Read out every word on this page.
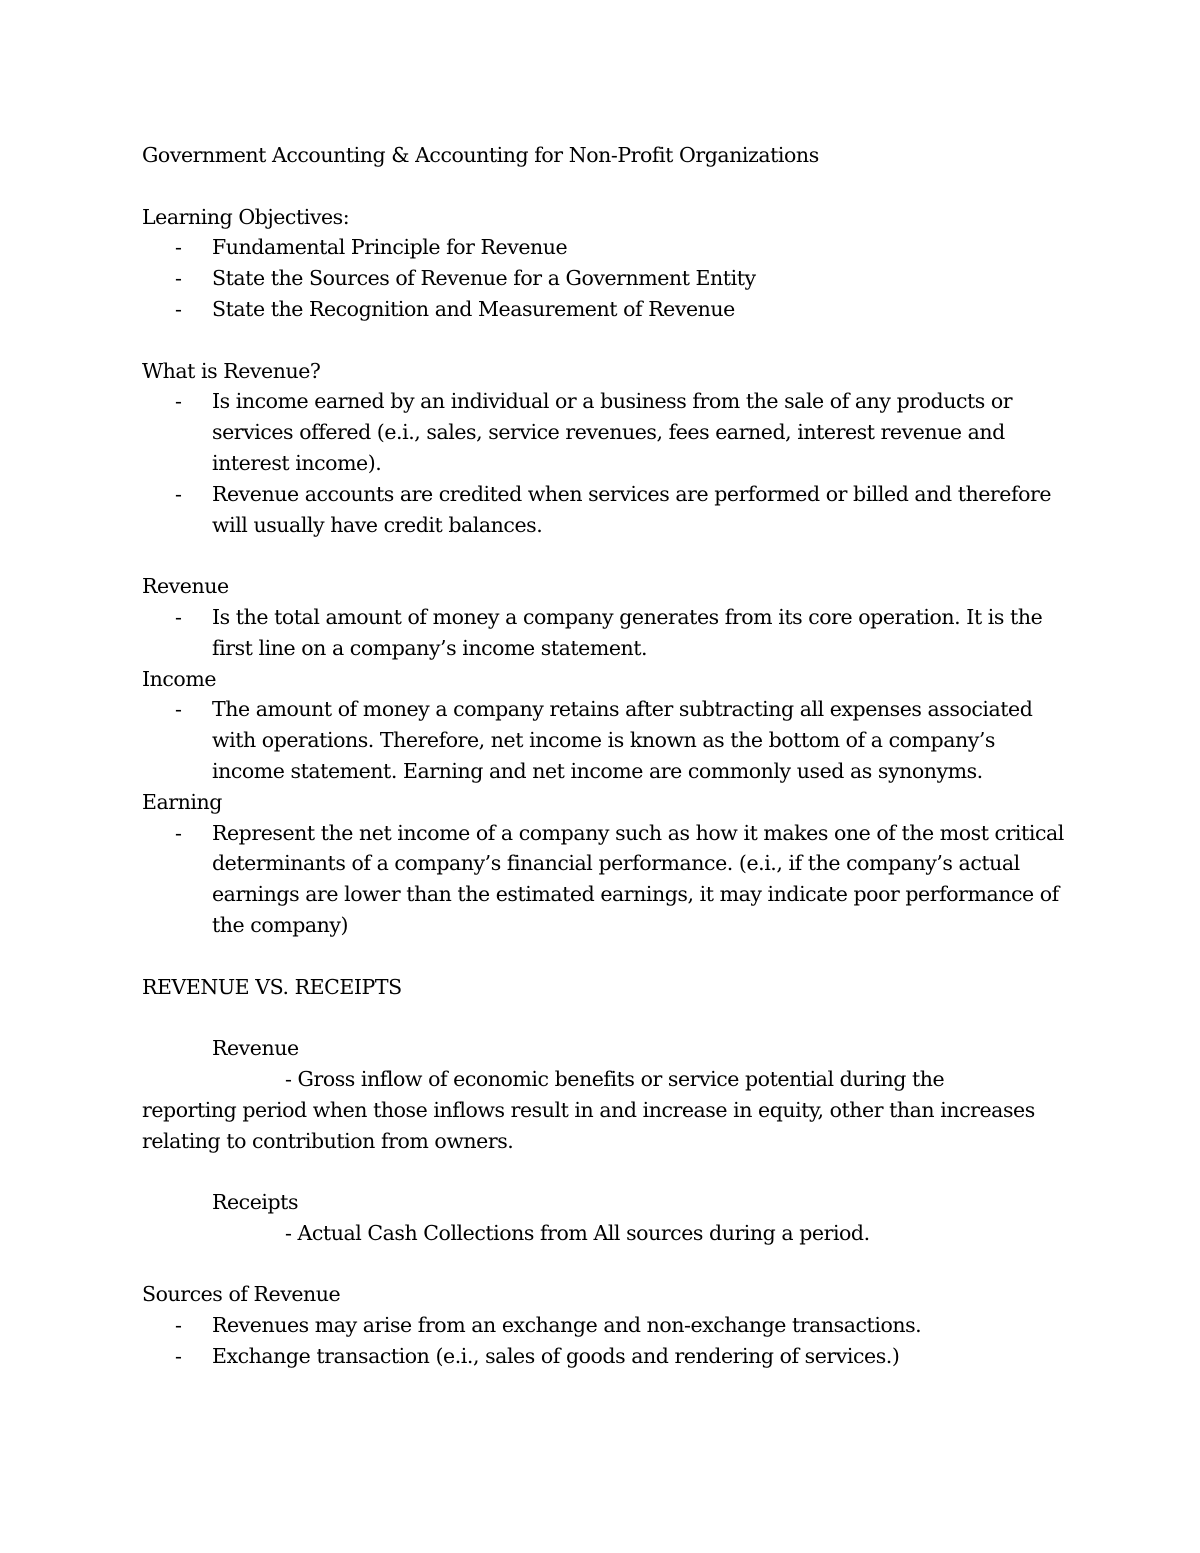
Government Accounting & Accounting for Non-Profit Organizations
Learning Objectives:
- Fundamental Principle for Revenue
- State the Sources of Revenue for a Government Entity
- State the Recognition and Measurement of Revenue
What is Revenue?
- Is income earned by an individual or a business from the sale of any products or services offered (e.i., sales, service revenues, fees earned, interest revenue and interest income).
- Revenue accounts are credited when services are performed or billed and therefore will usually have credit balances.
Revenue
- Is the total amount of money a company generates from its core operation. It is the first line on a company’s income statement.
Income
- The amount of money a company retains after subtracting all expenses associated with operations. Therefore, net income is known as the bottom of a company’s income statement. Earning and net income are commonly used as synonyms.
Earning
- Represent the net income of a company such as how it makes one of the most critical determinants of a company’s financial performance. (e.i., if the company’s actual earnings are lower than the estimated earnings, it may indicate poor performance of the company)
REVENUE VS. RECEIPTS
Revenue
- Gross inflow of economic benefits or service potential during the
reporting period when those inflows result in and increase in equity, other than increases relating to contribution from owners.
Receipts
- Actual Cash Collections from All sources during a period.
Sources of Revenue
- Revenues may arise from an exchange and non-exchange transactions.
- Exchange transaction (e.i., sales of goods and rendering of services.)
